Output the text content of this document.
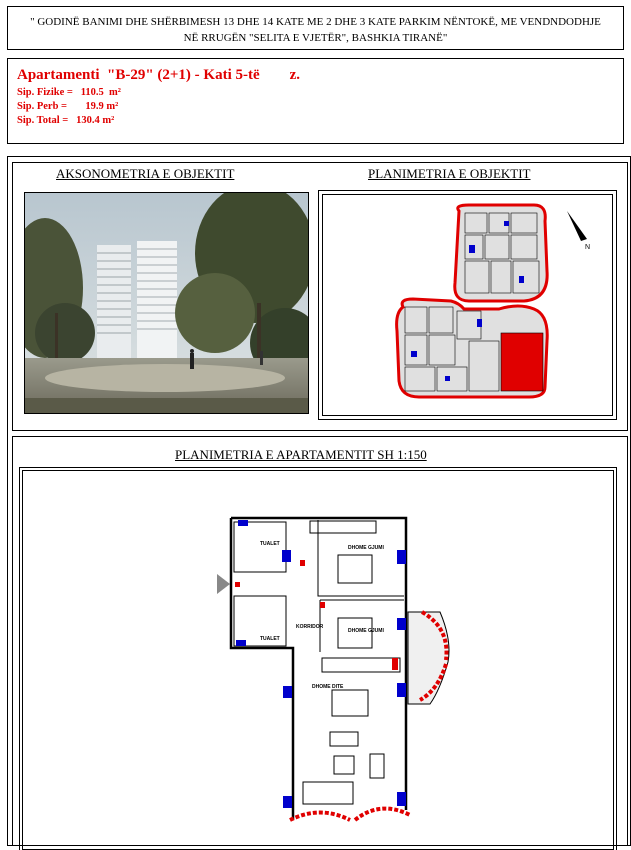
" GODINË BANIMI DHE SHËRBIMESH 13 DHE 14 KATE ME 2 DHE 3 KATE PARKIM NËNTOKË, ME VENDNDODHJE NË RRUGËN "SELITA E VJETËR", BASHKIA TIRANË"
Apartamenti  "B-29" (2+1) - Kati 5-të        z.
Sip. Fizike =   110.5  m²
Sip. Perb =       19.9 m²
Sip. Total =   130.4 m²
AKSONOMETRIA E OBJEKTIT	PLANIMETRIA E OBJEKTIT
PLANIMETRIA E APARTAMENTIT SH 1:150
N
TUALET
TUALET
DHOME GJUMI
DHOME GJUMI
KORRIDOR
DHOME DITE
